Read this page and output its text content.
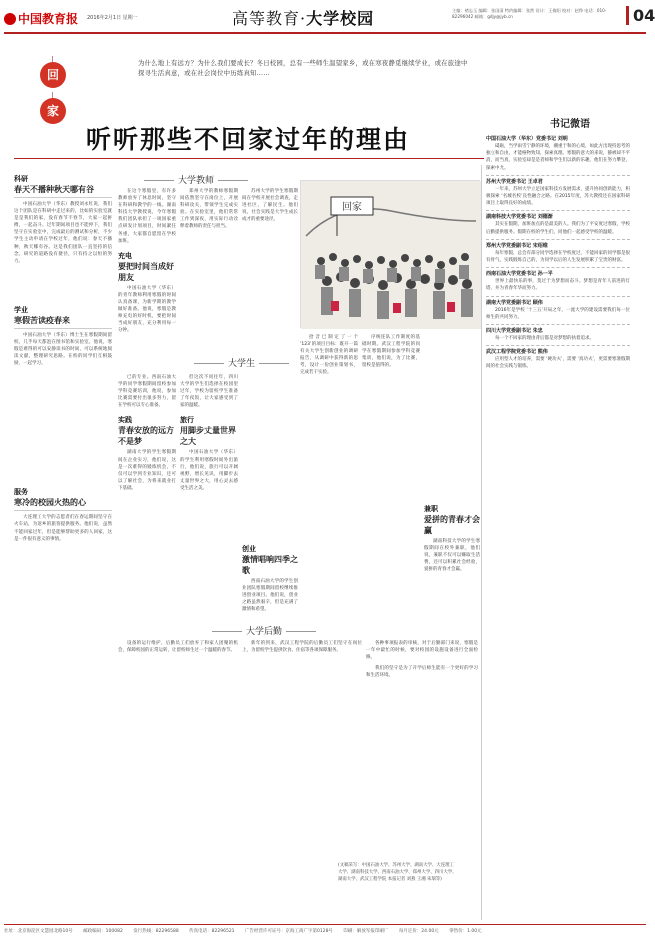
中国教育报 2016年2月1日 星期一	高等教育·大学校园	主编：褚志玉 编辑：张国清 特约编辑：张然 设计：王倩阳 校对：赵铮 电话：010-82296042 邮箱：gdjy@jyb.cn	04
回
家
为什么地上有远方？为什么我们要成长？冬日校园，总有一些师生温望家乡，或在寒夜静觅继续学业，或在旅途中探寻生活真意，或在社会岗位中历练真知……
听听那些不回家过年的理由
科研
春天不播种秋天哪有谷
中国石油大学（华东）教授刘永红说，我们这个团队是在科研中走过来的，比如的实验室就是是我们的家，没有春节不春节，大家一起拼搏，一起奋斗。过年期间项目也不能停下，我们坚守在实验室中，完成最后的测试和分析，不少学生主动申请在学校过年，他们说：春天不播种，秋天哪有谷。这是我们团队一直坚持的信念，研究的道路没有捷径，只有持之以恒的努力。
学业
寒假苦读疫春来
中国石油大学（华东）博士生在寒假期间留校，几乎每天都泡在图书馆和实验室。他说，寒假是难得的可以安静读书的时间，可以系统地阅读文献，整理研究思路。在校的同学们互相鼓励，一起学习。
服务
寒冷的校园火热的心
大连理工大学的志愿者们在春运期间坚守在火车站，为返乡的旅客提供服务。他们说，虽然不能回家过年，但是能够帮助更多的人回家，这是一件很有意义的事情。
大学教师
大学生
大学后勤
在这个寒假里，有许多教师放弃了休息时间，坚守在科研和教学的一线。湖南科技大学教授说，今年寒假我们团队承担了一项国家重点研发计划项目，时间紧任务重，大家都自愿留在学校加班。
充电
要把时间当成好朋友
中国石油大学（华东）的青年教师利用寒假的时间认真备课，为新学期的教学做好准备。他说，寒假是教师充电的好时机，要把时间当成好朋友，充分利用每一分钟。
已的专业。西南石油大学的同学寒假期间留校参加学科竞赛培训，他说，参加比赛需要付出很多努力，留在学校可以专心准备。
实践
青春安放的远方不是梦
湖南大学的学生寒假期间在企业实习，他们说，这是一次难得的锻炼机会，不仅可以学到专业知识，还可以了解社会，为将来就业打下基础。
郑州大学的教师寒假期间依然坚守在岗位上，开展科研攻关，带领学生完成实验。在实验室里，他们常常工作到深夜，用实际行动诠释着教师的责任与担当。
但这次不同往年，四川大学的学生们选择在校园里过年，学校为留校学生准备了年夜饭，让大家感受到了家的温暖。
旅行
用脚步丈量世界之大
中国石油大学（华东）的学生利用寒假时间外出旅行，他们说，旅行可以开阔视野，增长见识，用脚步去丈量世界之大，用心灵去感受生活之美。
设备的运行维护，后勤员工们放弃了和家人团聚的机会，保障校园的正常运转，让留校师生过一个温暖的春节。
苏州大学的学生寒假期间在学校开展社会调查，走进社区，了解民生。他们说，社会实践是大学生成长成才的重要途径。
拾音已制定了一个 ‘123’的项目目标：既开一篇有关大学生创新创业的调研报告，从调研中获得新的思考，设计一份创业策划书，完成若干实验。
创业
激情唱响四季之歌
西南石油大学的学生创业团队寒假期间留校继续推进创业项目。他们说，创业之路虽然艰辛，但是充满了激情和希望。
新年的到来，武汉工程学院的后勤员工们坚守在岗位上，为留校学生提供饮食、住宿等各项保障服务。
序统连队工作制度的基础时期。武汉工程学院的同学在寒假期间参加学科竞赛集训，他们说，为了比赛，留校是值得的。
兼职
爱拼的青春才会赢
湖南科技大学的学生寒假期间在校外兼职，他们说，兼职不仅可以赚取生活费，还可以积累社会经验，爱拼的青春才会赢。
各种事项报表的审核，对于后勤部门来说，寒假是一年中最忙的时候，要对校园的设施设备进行全面检修。
我们的坚守是为了开学后师生能有一个更好的学习和生活环境。
回家
(文稿采写：中国石油大学、苏州大学、湖南大学、大连理工大学、湖南科技大学、西南石油大学、郑州大学、四川大学、湖南大学、武汉工程学院 本报记者 刘燕 王湘 朱瑞等)
书记微语
中国石油大学（华东）党委书记 刘明
砥砺，当学雨雪宁静的环境，潮重于和的心境，如此方出现持思考的独立和自由，才能格物致知，探索真理。寒假的意大的来说，静被却不平消，而当真，实验室却是是者师和学生们以新的乐趣，他们在努力攀登，探索中尤。
苏州大学党委书记 王卓君
一年来，苏州大学立足国家科技方发展需求，提升协同创新能力，积极探索 ‘名城名校’良性融合之路。在2015年度，苏大教授还在国家科研项目上取得良好的成绩。
湖南科技大学党委书记 刘德渐
其实在假期，加班加点的是最美的人。我们为了平安度过寒假，学校后勤提供服务。假期在校的学生们，同他们一起感受学校的温暖。
郑州大学党委副书记 宋绍维
每年寒假，总会有部分同学选择在学校度过，不能回家的同学都是很有骨气，实践锻炼自己的，为同学以后的人生发展积累了宝贵的财富。
西南石油大学党委书记 孙一平
世界上最快乐的事，莫过于为梦想而奋斗。梦想是青年人前进的灯塔，并为青春年华而努力。
湖南大学党委副书记 顾伟
2016年是学校 ‘十三五’开局之年，一流大学的建设需要我们每一位师生的共同努力。
四川大学党委副书记 朱忠
每一个不回家的理由背后都是对梦想的执着追求。
武汉工程学院党委书记 熊伟
应用型人才的培养，需要 ‘硬功夫’，需要 ‘真功夫’，更需要寒暑假期间的社会实践与锻炼。
社址：北京海淀区文慧园北路10号 邮政编码：100082 发行热线：82296588 传真电话：82296521 广告经营许可证号：京海工商广字第0128号 印刷：解放军报印刷厂 每月定价：24.00元 零售价：1.00元
